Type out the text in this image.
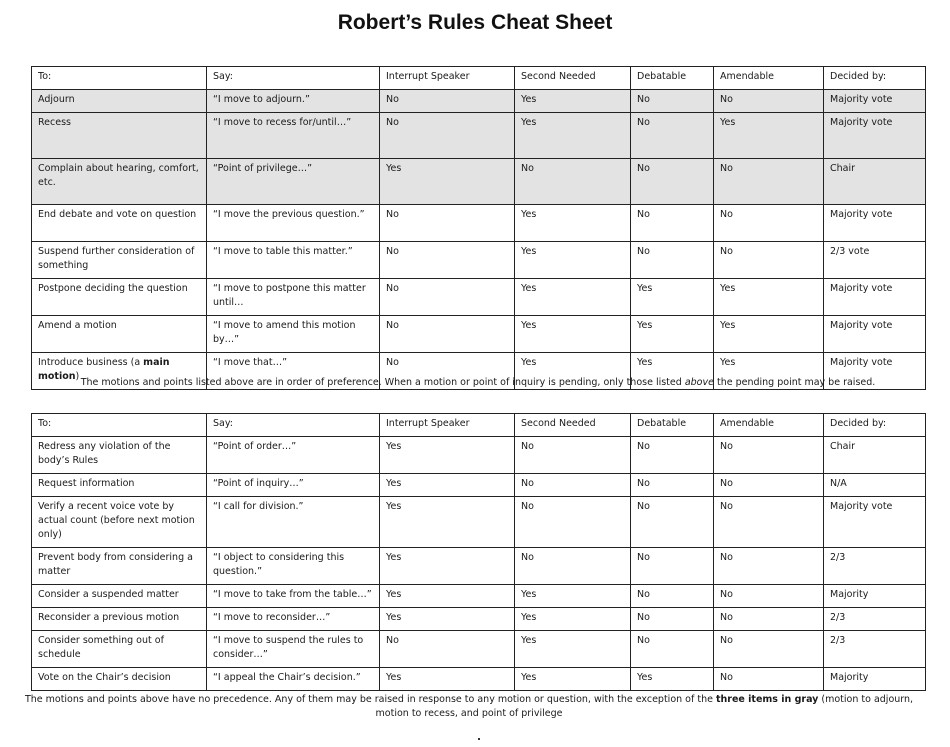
Robert’s Rules Cheat Sheet
To:	Say:	Interrupt Speaker	Second Needed	Debatable	Amendable	Decided by:
Adjourn	“I move to adjourn.”	No	Yes	No	No	Majority vote
Recess	“I move to recess for/until…”	No	Yes	No	Yes	Majority vote
Complain about hearing, comfort, etc.	“Point of privilege…”	Yes	No	No	No	Chair
End debate and vote on question	“I move the previous question.”	No	Yes	No	No	Majority vote
Suspend further consideration of something	“I move to table this matter.”	No	Yes	No	No	2/3 vote
Postpone deciding the question	“I move to postpone this matter until…	No	Yes	Yes	Yes	Majority vote
Amend a motion	“I move to amend this motion by…”	No	Yes	Yes	Yes	Majority vote
Introduce business (a main motion)	“I move that…”	No	Yes	Yes	Yes	Majority vote
The motions and points listed above are in order of preference. When a motion or point of inquiry is pending, only those listed above the pending point may be raised.
To:	Say:	Interrupt Speaker	Second Needed	Debatable	Amendable	Decided by:
Redress any violation of the body’s Rules	“Point of order…”	Yes	No	No	No	Chair
Request information	“Point of inquiry…”	Yes	No	No	No	N/A
Verify a recent voice vote by actual count (before next motion only)	“I call for division.”	Yes	No	No	No	Majority vote
Prevent body from considering a matter	“I object to considering this question.”	Yes	No	No	No	2/3
Consider a suspended matter	“I move to take from the table…”	Yes	Yes	No	No	Majority
Reconsider a previous motion	“I move to reconsider…”	Yes	Yes	No	No	2/3
Consider something out of schedule	“I move to suspend the rules to consider…”	No	Yes	No	No	2/3
Vote on the Chair’s decision	“I appeal the Chair’s decision.”	Yes	Yes	Yes	No	Majority
The motions and points above have no precedence. Any of them may be raised in response to any motion or question, with the exception of the three items in gray (motion to adjourn, motion to recess, and point of privilege
